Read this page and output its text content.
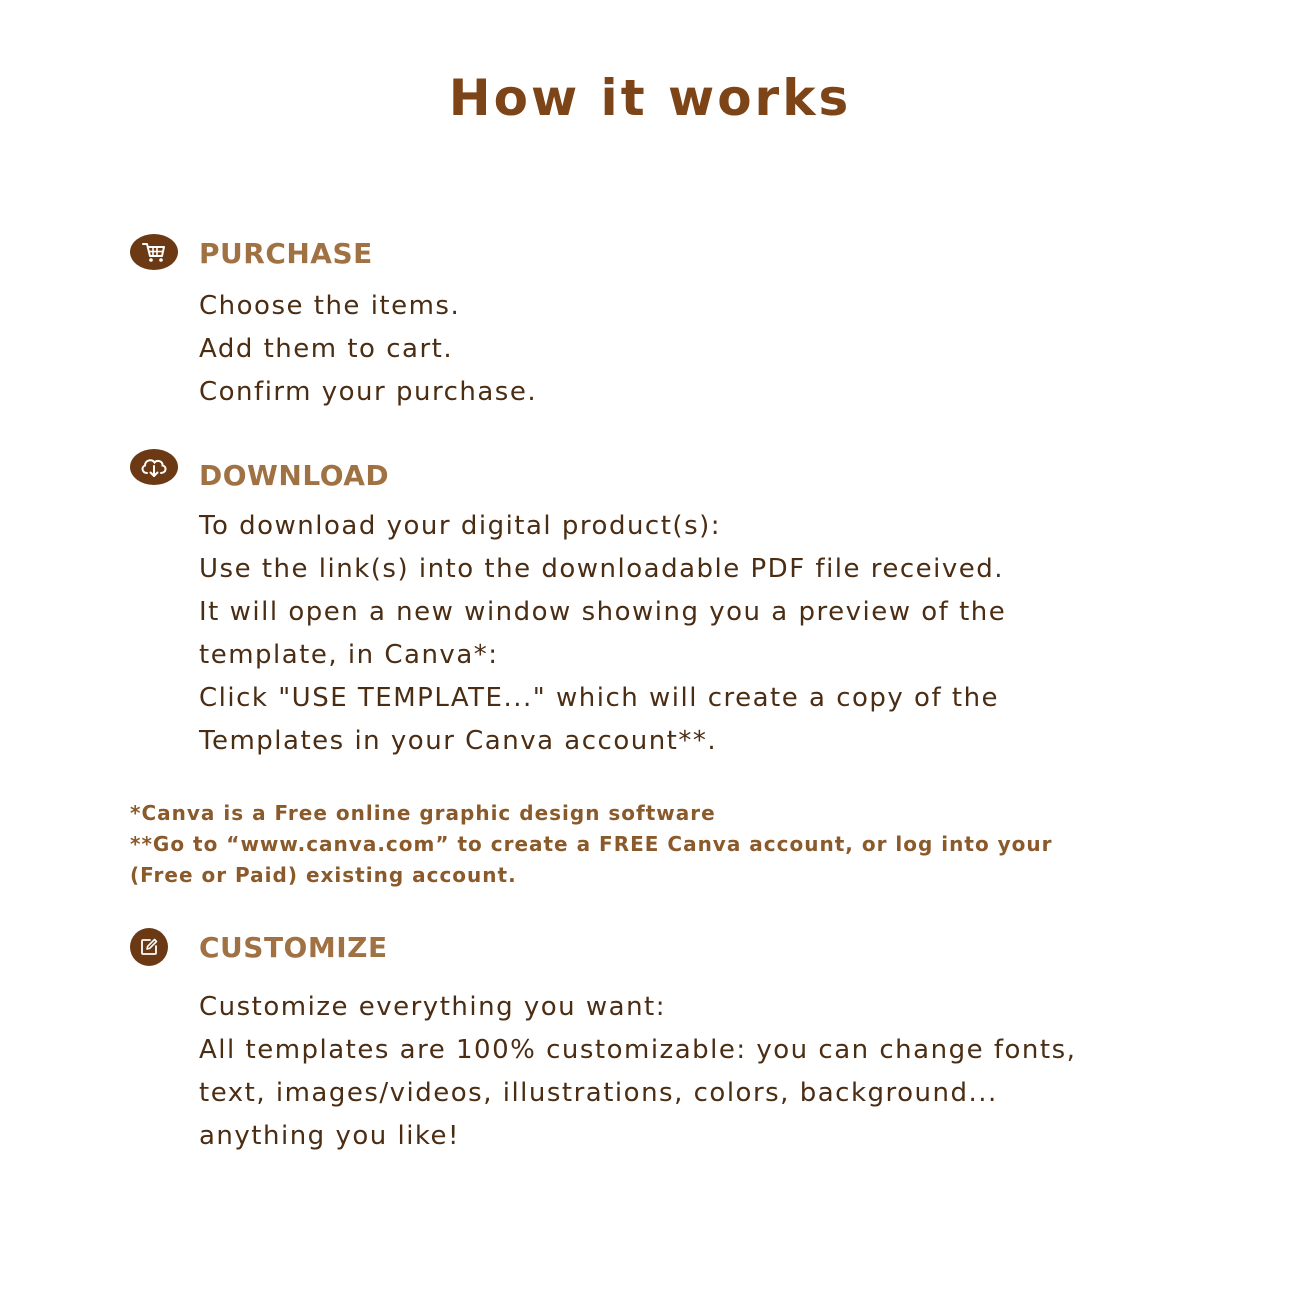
How it works
PURCHASE
Choose the items.
Add them to cart.
Confirm your purchase.
DOWNLOAD
To download your digital product(s):
Use the link(s) into the downloadable PDF file received.
It will open a new window showing you a preview of the
template, in Canva*:
Click "USE TEMPLATE..." which will create a copy of the
Templates in your Canva account**.
*Canva is a Free online graphic design software
**Go to “www.canva.com” to create a FREE Canva account, or log into your
(Free or Paid) existing account.
CUSTOMIZE
Customize everything you want:
All templates are 100% customizable: you can change fonts,
text, images/videos, illustrations, colors, background...
anything you like!
